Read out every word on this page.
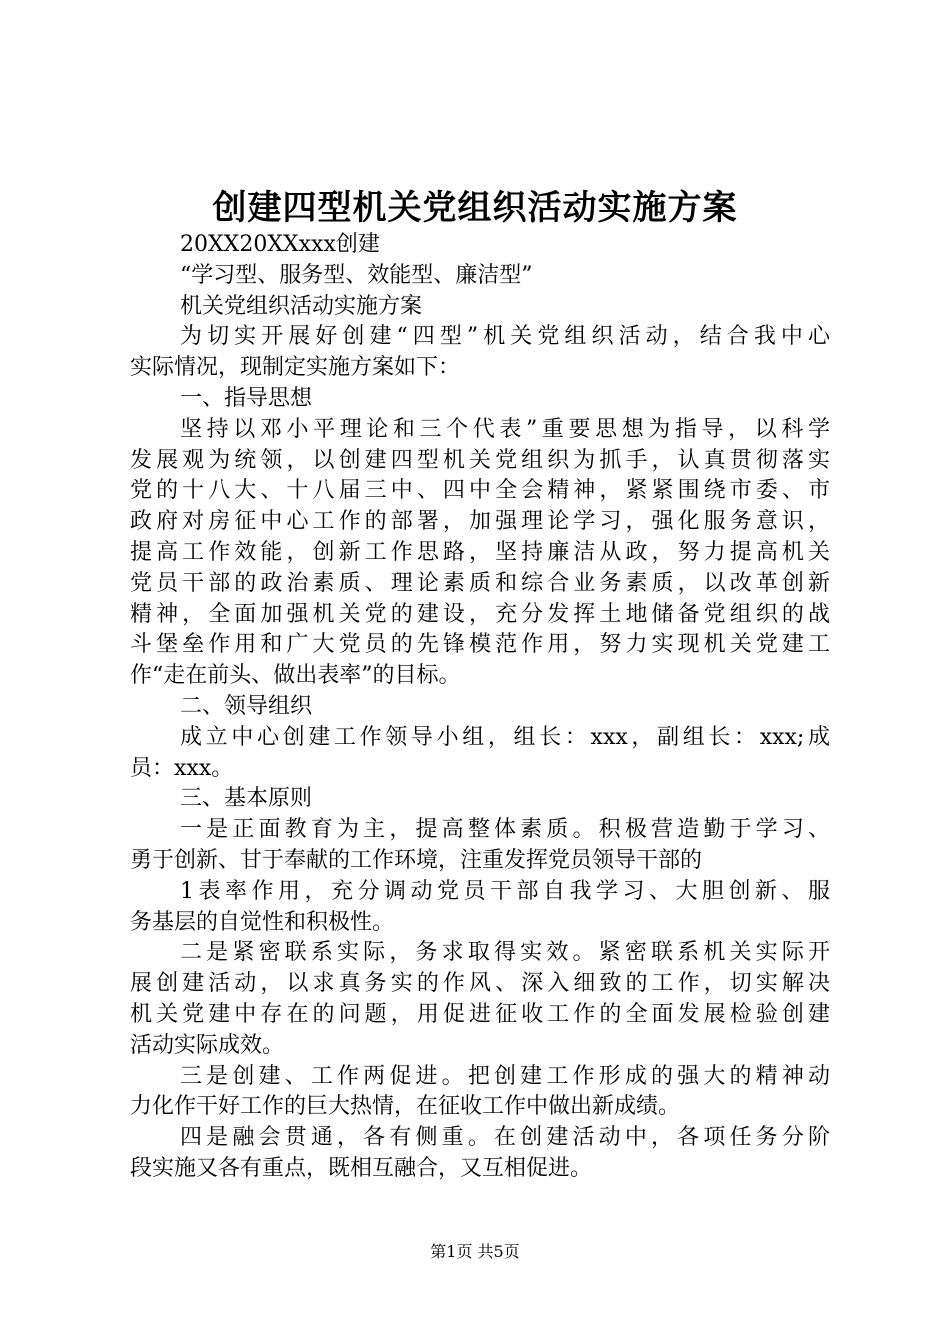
创建四型机关党组织活动实施方案

20XX20XXxxx创建

“学习型、服务型、效能型、廉洁型”

机关党组织活动实施方案

为切实开展好创建“四型”机关党组织活动，结合我中心
实际情况，现制定实施方案如下：

一、指导思想

坚持以邓小平理论和三个代表”重要思想为指导，以科学
发展观为统领，以创建四型机关党组织为抓手，认真贯彻落实
党的十八大、十八届三中、四中全会精神，紧紧围绕市委、市
政府对房征中心工作的部署，加强理论学习，强化服务意识，
提高工作效能，创新工作思路，坚持廉洁从政，努力提高机关
党员干部的政治素质、理论素质和综合业务素质，以改革创新
精神，全面加强机关党的建设，充分发挥土地储备党组织的战
斗堡垒作用和广大党员的先锋模范作用，努力实现机关党建工
作“走在前头、做出表率”的目标。

二、领导组织

成立中心创建工作领导小组，组长：xxx，副组长：xxx;成
员：xxx。

三、基本原则

一是正面教育为主，提高整体素质。积极营造勤于学习、
勇于创新、甘于奉献的工作环境，注重发挥党员领导干部的

1表率作用，充分调动党员干部自我学习、大胆创新、服
务基层的自觉性和积极性。

二是紧密联系实际，务求取得实效。紧密联系机关实际开
展创建活动，以求真务实的作风、深入细致的工作，切实解决
机关党建中存在的问题，用促进征收工作的全面发展检验创建
活动实际成效。

三是创建、工作两促进。把创建工作形成的强大的精神动
力化作干好工作的巨大热情，在征收工作中做出新成绩。

四是融会贯通，各有侧重。在创建活动中，各项任务分阶
段实施又各有重点，既相互融合，又互相促进。

第1页 共5页
